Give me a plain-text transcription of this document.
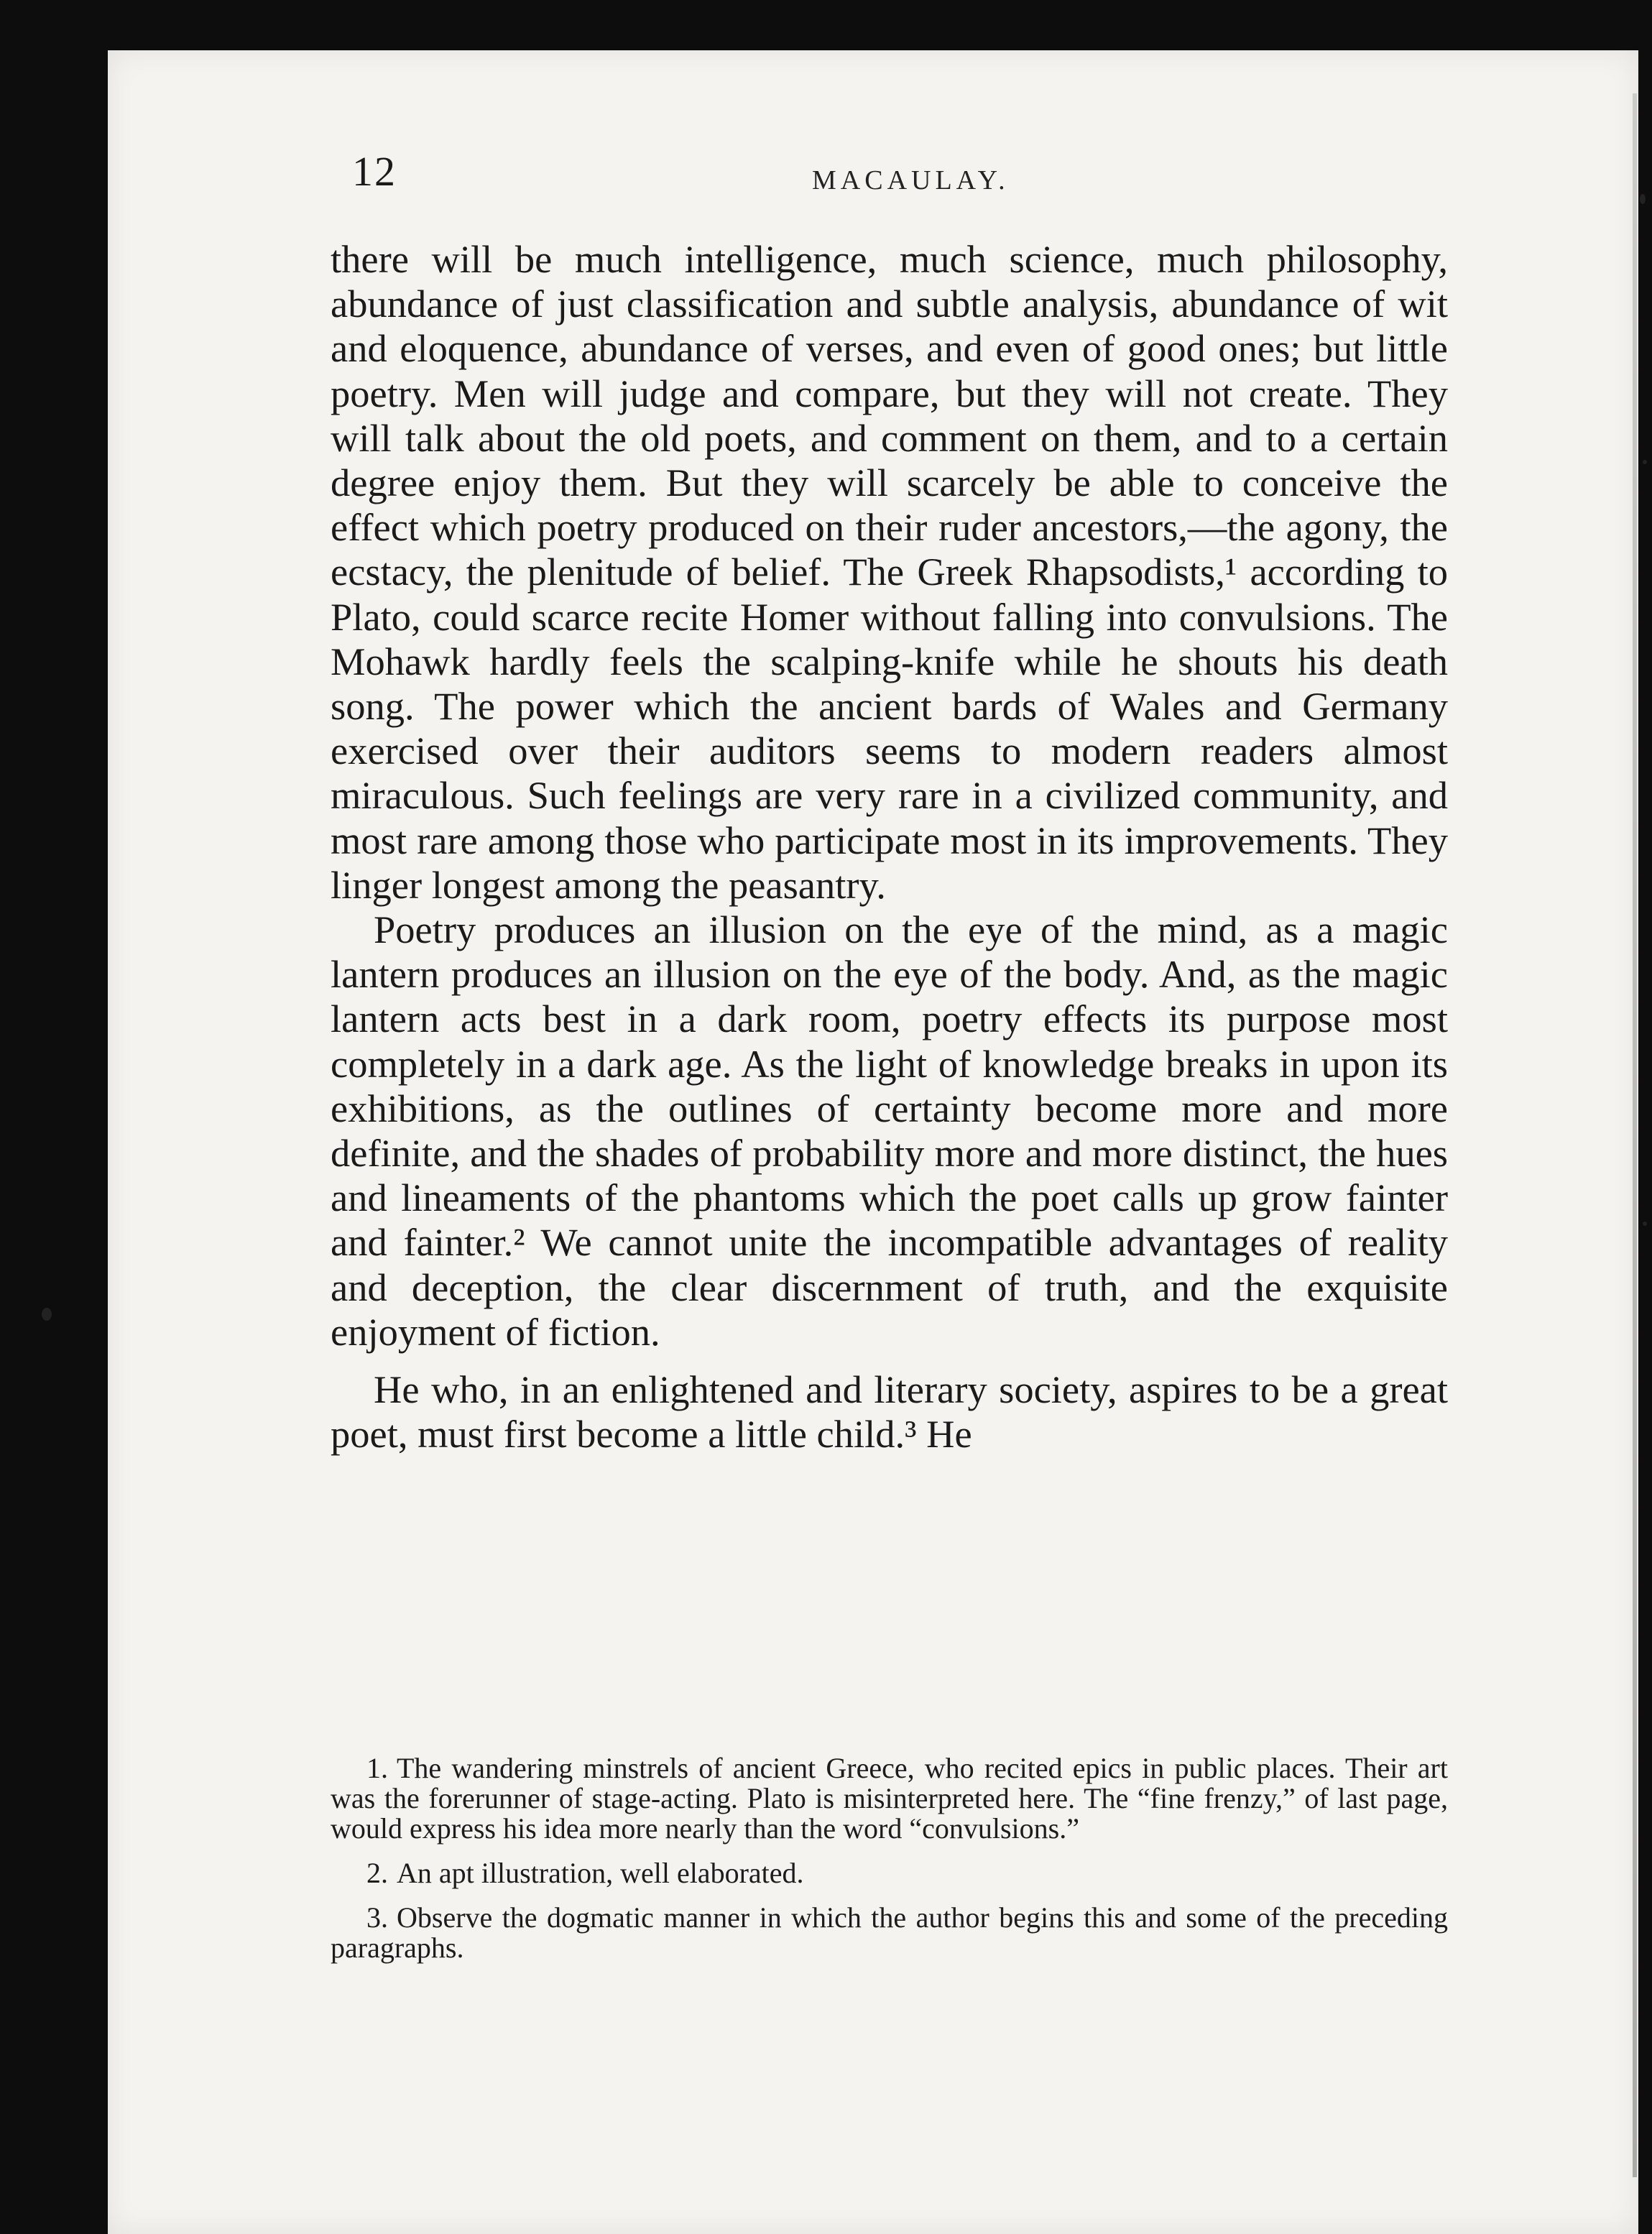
12	MACAULAY.

there will be much intelligence, much science, much philosophy, abundance of just classification and subtle analysis, abundance of wit and eloquence, abundance of verses, and even of good ones; but little poetry. Men will judge and compare, but they will not create. They will talk about the old poets, and comment on them, and to a certain degree enjoy them. But they will scarcely be able to conceive the effect which poetry produced on their ruder ancestors,—the agony, the ecstacy, the plenitude of belief. The Greek Rhapsodists,¹ according to Plato, could scarce recite Homer without falling into convulsions. The Mohawk hardly feels the scalping-knife while he shouts his death song. The power which the ancient bards of Wales and Germany exercised over their auditors seems to modern readers almost miraculous. Such feelings are very rare in a civilized community, and most rare among those who participate most in its improvements. They linger longest among the peasantry.

Poetry produces an illusion on the eye of the mind, as a magic lantern produces an illusion on the eye of the body. And, as the magic lantern acts best in a dark room, poetry effects its purpose most completely in a dark age. As the light of knowledge breaks in upon its exhibitions, as the outlines of certainty become more and more definite, and the shades of probability more and more distinct, the hues and lineaments of the phantoms which the poet calls up grow fainter and fainter.² We cannot unite the incompatible advantages of reality and deception, the clear discernment of truth, and the exquisite enjoyment of fiction.

He who, in an enlightened and literary society, aspires to be a great poet, must first become a little child.³ He

1. The wandering minstrels of ancient Greece, who recited epics in public places. Their art was the forerunner of stage-acting. Plato is misinterpreted here. The “fine frenzy,” of last page, would express his idea more nearly than the word “convulsions.”

2. An apt illustration, well elaborated.

3. Observe the dogmatic manner in which the author begins this and some of the preceding paragraphs.
